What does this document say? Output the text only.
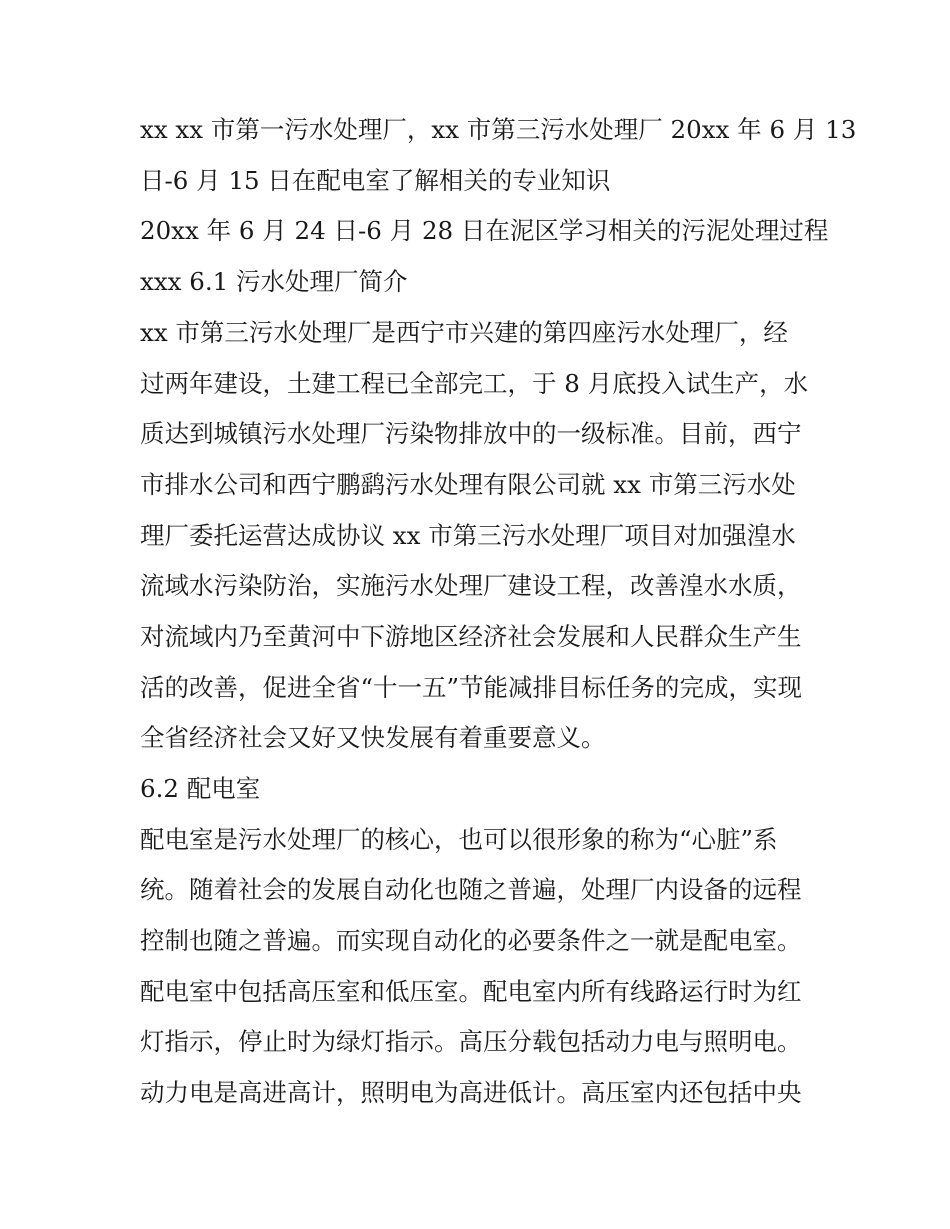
xx xx 市第一污水处理厂，xx 市第三污水处理厂 20xx 年 6 月 13
日-6 月 15 日在配电室了解相关的专业知识
20xx 年 6 月 24 日-6 月 28 日在泥区学习相关的污泥处理过程
xxx 6.1 污水处理厂简介
xx 市第三污水处理厂是西宁市兴建的第四座污水处理厂，经
过两年建设，土建工程已全部完工，于 8 月底投入试生产，水
质达到城镇污水处理厂污染物排放中的一级标准。目前，西宁
市排水公司和西宁鹏鹞污水处理有限公司就 xx 市第三污水处
理厂委托运营达成协议 xx 市第三污水处理厂项目对加强湟水
流域水污染防治，实施污水处理厂建设工程，改善湟水水质，
对流域内乃至黄河中下游地区经济社会发展和人民群众生产生
活的改善，促进全省“十一五”节能减排目标任务的完成，实现
全省经济社会又好又快发展有着重要意义。
6.2 配电室
配电室是污水处理厂的核心，也可以很形象的称为“心脏”系
统。随着社会的发展自动化也随之普遍，处理厂内设备的远程
控制也随之普遍。而实现自动化的必要条件之一就是配电室。
配电室中包括高压室和低压室。配电室内所有线路运行时为红
灯指示，停止时为绿灯指示。高压分载包括动力电与照明电。
动力电是高进高计，照明电为高进低计。高压室内还包括中央
